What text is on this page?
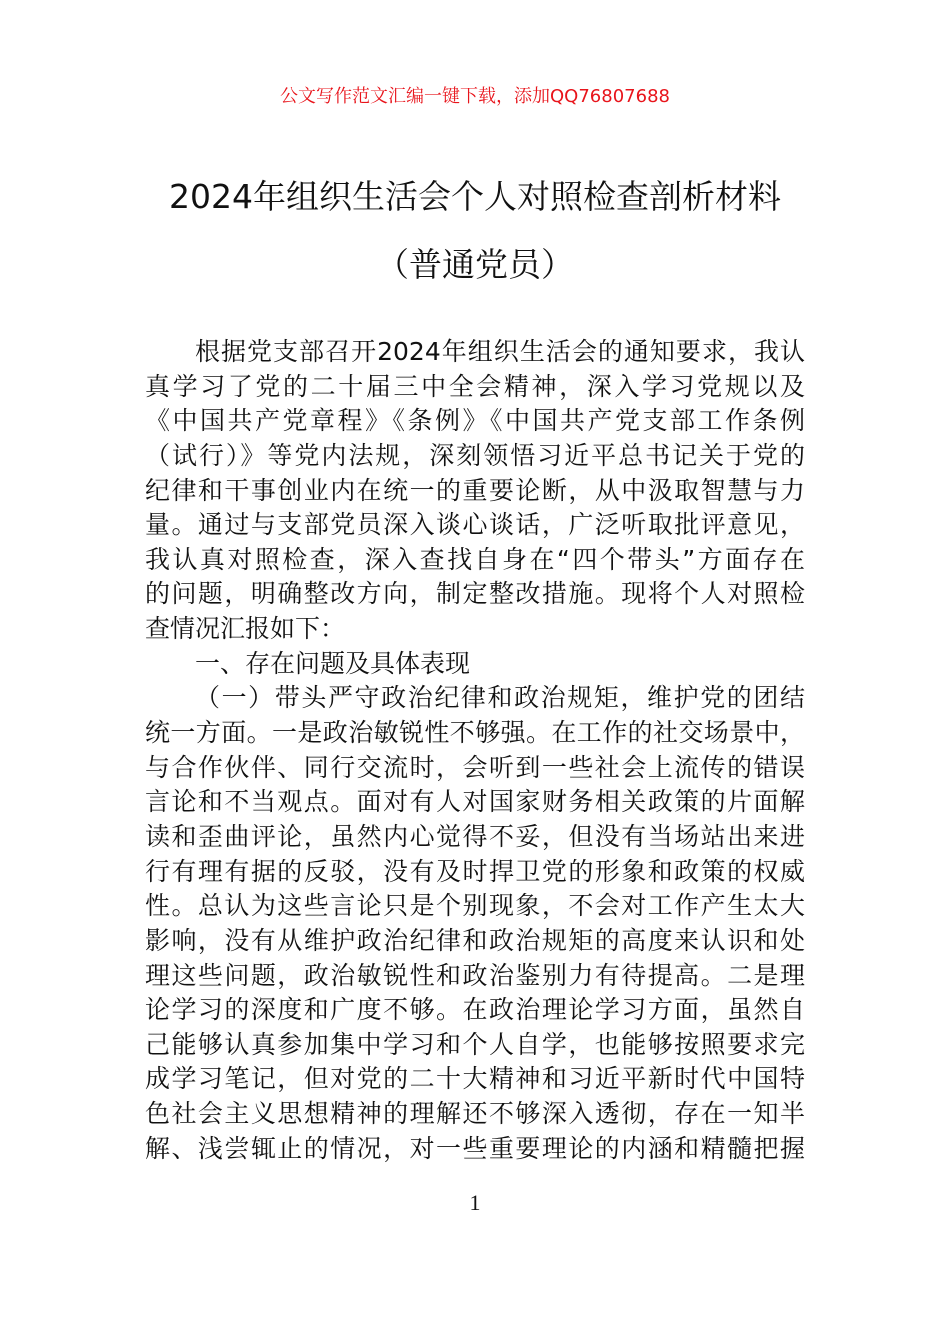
公文写作范文汇编一键下载，添加QQ76807688
2024年组织生活会个人对照检查剖析材料
（普通党员）
根据党支部召开2024年组织生活会的通知要求，我认
真学习了党的二十届三中全会精神，深入学习党规以及
《中国共产党章程》《条例》《中国共产党支部工作条例
（试行）》等党内法规，深刻领悟习近平总书记关于党的
纪律和干事创业内在统一的重要论断，从中汲取智慧与力
量。通过与支部党员深入谈心谈话，广泛听取批评意见，
我认真对照检查，深入查找自身在“四个带头”方面存在
的问题，明确整改方向，制定整改措施。现将个人对照检
查情况汇报如下：
一、存在问题及具体表现
（一）带头严守政治纪律和政治规矩，维护党的团结
统一方面。一是政治敏锐性不够强。在工作的社交场景中，
与合作伙伴、同行交流时，会听到一些社会上流传的错误
言论和不当观点。面对有人对国家财务相关政策的片面解
读和歪曲评论，虽然内心觉得不妥，但没有当场站出来进
行有理有据的反驳，没有及时捍卫党的形象和政策的权威
性。总认为这些言论只是个别现象，不会对工作产生太大
影响，没有从维护政治纪律和政治规矩的高度来认识和处
理这些问题，政治敏锐性和政治鉴别力有待提高。二是理
论学习的深度和广度不够。在政治理论学习方面，虽然自
己能够认真参加集中学习和个人自学，也能够按照要求完
成学习笔记，但对党的二十大精神和习近平新时代中国特
色社会主义思想精神的理解还不够深入透彻，存在一知半
解、浅尝辄止的情况，对一些重要理论的内涵和精髓把握
1
